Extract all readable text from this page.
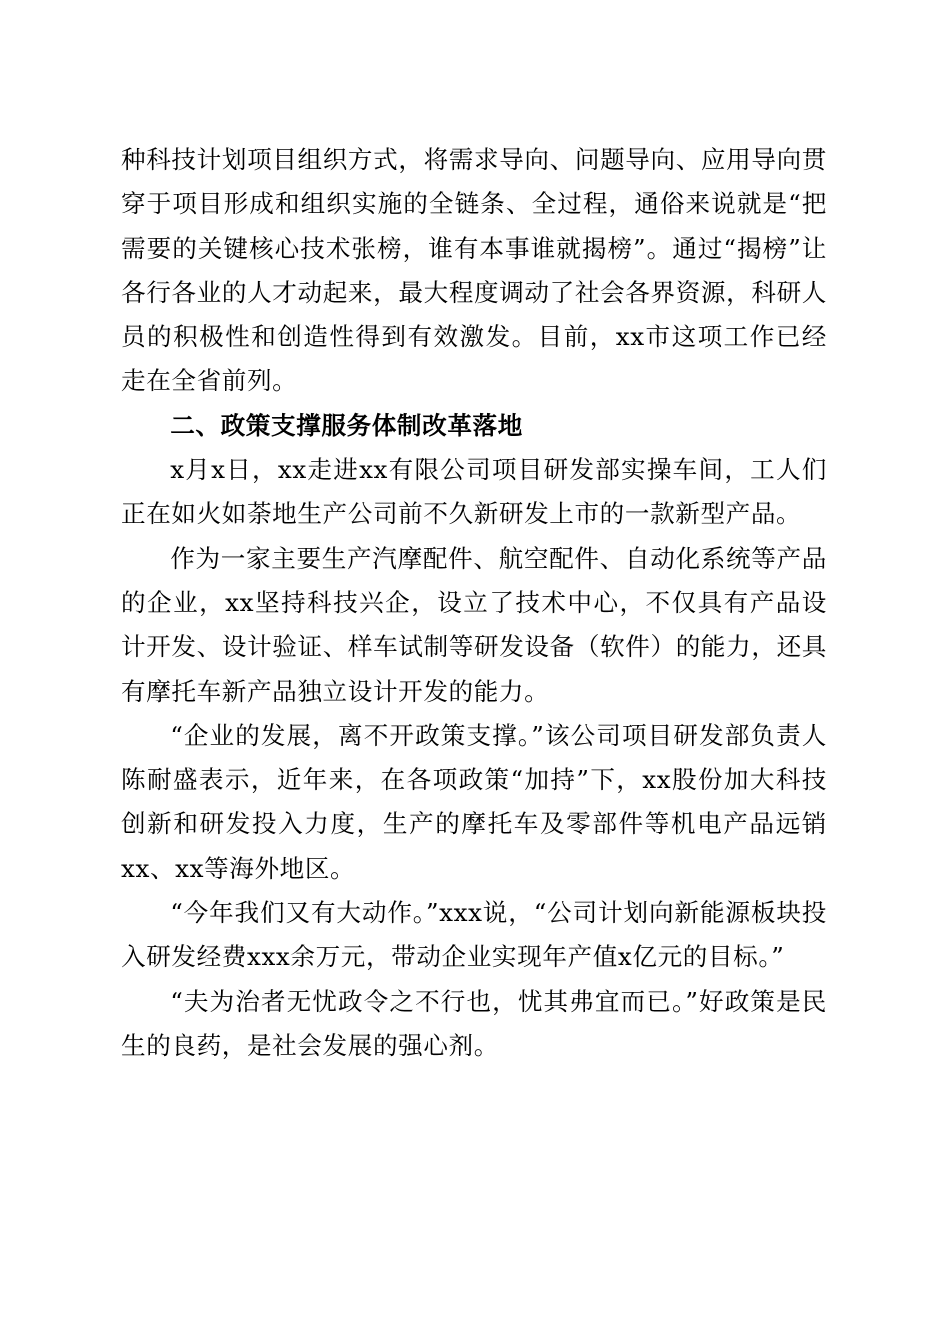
种科技计划项目组织方式，将需求导向、问题导向、应用导向贯穿于项目形成和组织实施的全链条、全过程，通俗来说就是“把需要的关键核心技术张榜，谁有本事谁就揭榜”。通过“揭榜”让各行各业的人才动起来，最大程度调动了社会各界资源，科研人员的积极性和创造性得到有效激发。目前，xx市这项工作已经走在全省前列。

二、政策支撑服务体制改革落地

x月x日，xx走进xx有限公司项目研发部实操车间，工人们正在如火如荼地生产公司前不久新研发上市的一款新型产品。

作为一家主要生产汽摩配件、航空配件、自动化系统等产品的企业，xx坚持科技兴企，设立了技术中心，不仅具有产品设计开发、设计验证、样车试制等研发设备（软件）的能力，还具有摩托车新产品独立设计开发的能力。

“企业的发展，离不开政策支撑。”该公司项目研发部负责人陈耐盛表示，近年来，在各项政策“加持”下，xx股份加大科技创新和研发投入力度，生产的摩托车及零部件等机电产品远销xx、xx等海外地区。

“今年我们又有大动作。”xxx说，“公司计划向新能源板块投入研发经费xxx余万元，带动企业实现年产值x亿元的目标。”

“夫为治者无忧政令之不行也，忧其弗宜而已。”好政策是民生的良药，是社会发展的强心剂。
